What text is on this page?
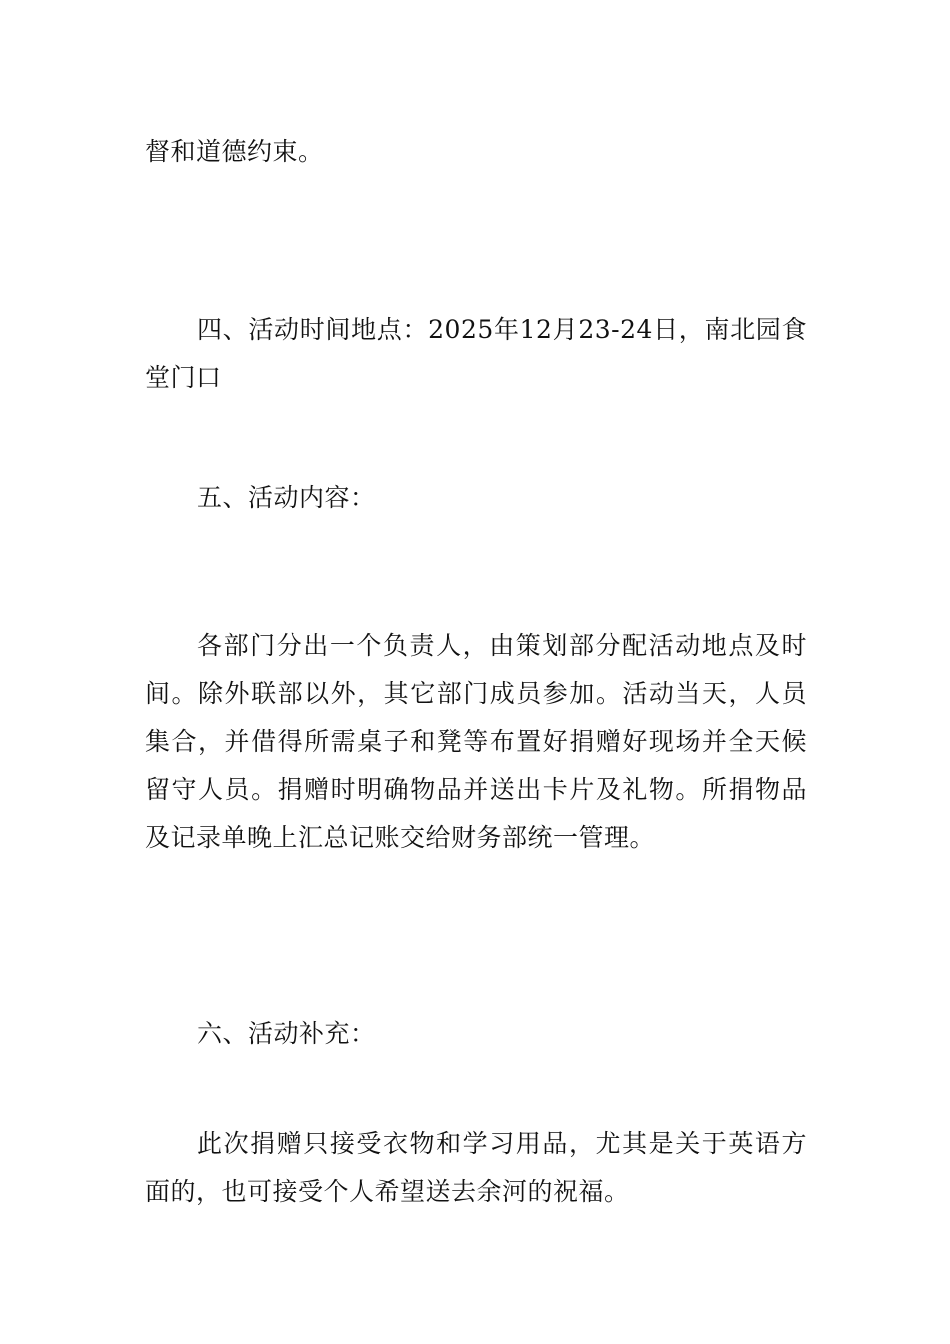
督和道德约束。

四、活动时间地点：2025年12月23-24日，南北园食堂门口

五、活动内容：

各部门分出一个负责人，由策划部分配活动地点及时间。除外联部以外，其它部门成员参加。活动当天，人员集合，并借得所需桌子和凳等布置好捐赠好现场并全天候留守人员。捐赠时明确物品并送出卡片及礼物。所捐物品及记录单晚上汇总记账交给财务部统一管理。

六、活动补充：

此次捐赠只接受衣物和学习用品，尤其是关于英语方面的，也可接受个人希望送去余河的祝福。
